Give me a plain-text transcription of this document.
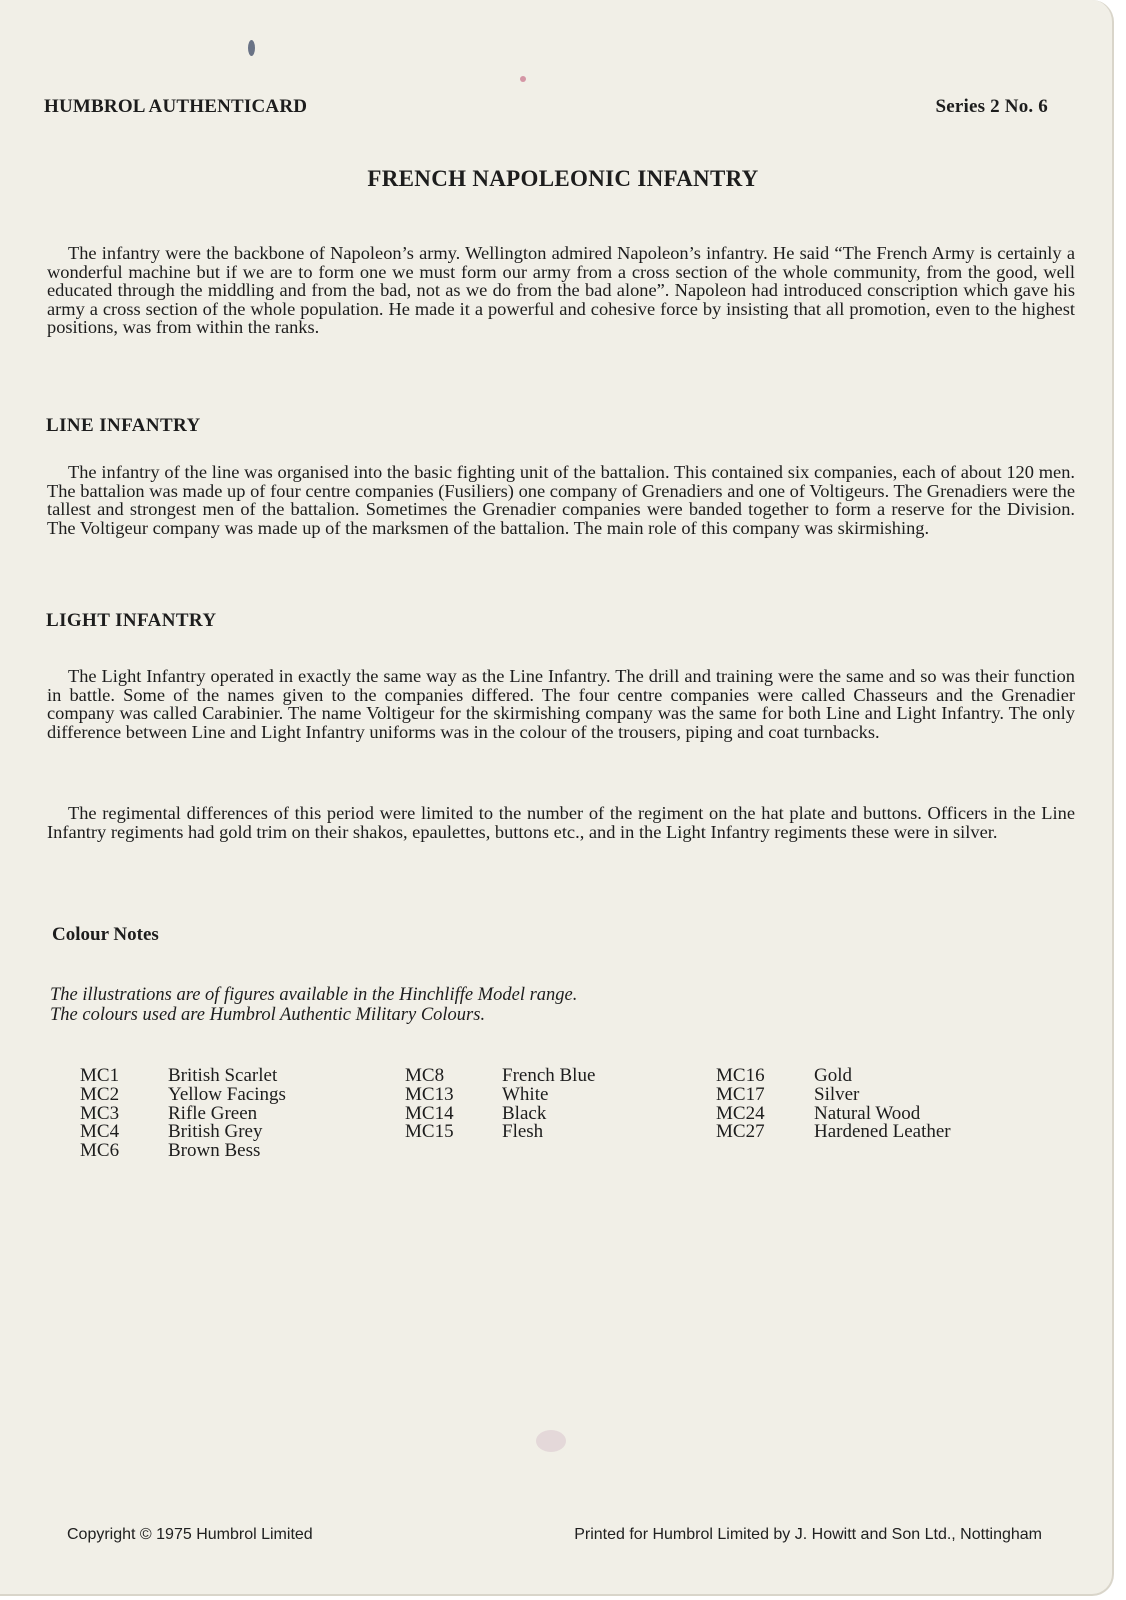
HUMBROL AUTHENTICARD	Series 2 No. 6
FRENCH NAPOLEONIC INFANTRY
The infantry were the backbone of Napoleon’s army. Wellington admired Napoleon’s infantry. He said “The French Army is certainly a wonderful machine but if we are to form one we must form our army from a cross section of the whole community, from the good, well educated through the middling and from the bad, not as we do from the bad alone”. Napoleon had introduced conscription which gave his army a cross section of the whole population. He made it a powerful and cohesive force by insisting that all promotion, even to the highest positions, was from within the ranks.
LINE INFANTRY
The infantry of the line was organised into the basic fighting unit of the battalion. This contained six companies, each of about 120 men. The battalion was made up of four centre companies (Fusiliers) one company of Grenadiers and one of Voltigeurs. The Grenadiers were the tallest and strongest men of the battalion. Sometimes the Grenadier companies were banded together to form a reserve for the Division. The Voltigeur company was made up of the marksmen of the battalion. The main role of this company was skirmishing.
LIGHT INFANTRY
The Light Infantry operated in exactly the same way as the Line Infantry. The drill and training were the same and so was their function in battle. Some of the names given to the companies differed. The four centre companies were called Chasseurs and the Grenadier company was called Carabinier. The name Voltigeur for the skirmishing company was the same for both Line and Light Infantry. The only difference between Line and Light Infantry uniforms was in the colour of the trousers, piping and coat turnbacks.
The regimental differences of this period were limited to the number of the regiment on the hat plate and buttons. Officers in the Line Infantry regiments had gold trim on their shakos, epaulettes, buttons etc., and in the Light Infantry regiments these were in silver.
Colour Notes
The illustrations are of figures available in the Hinchliffe Model range.
The colours used are Humbrol Authentic Military Colours.
MC1	British Scarlet
MC2	Yellow Facings
MC3	Rifle Green
MC4	British Grey
MC6	Brown Bess
MC8	French Blue
MC13	White
MC14	Black
MC15	Flesh
MC16	Gold
MC17	Silver
MC24	Natural Wood
MC27	Hardened Leather
Copyright © 1975 Humbrol Limited	Printed for Humbrol Limited by J. Howitt and Son Ltd., Nottingham
